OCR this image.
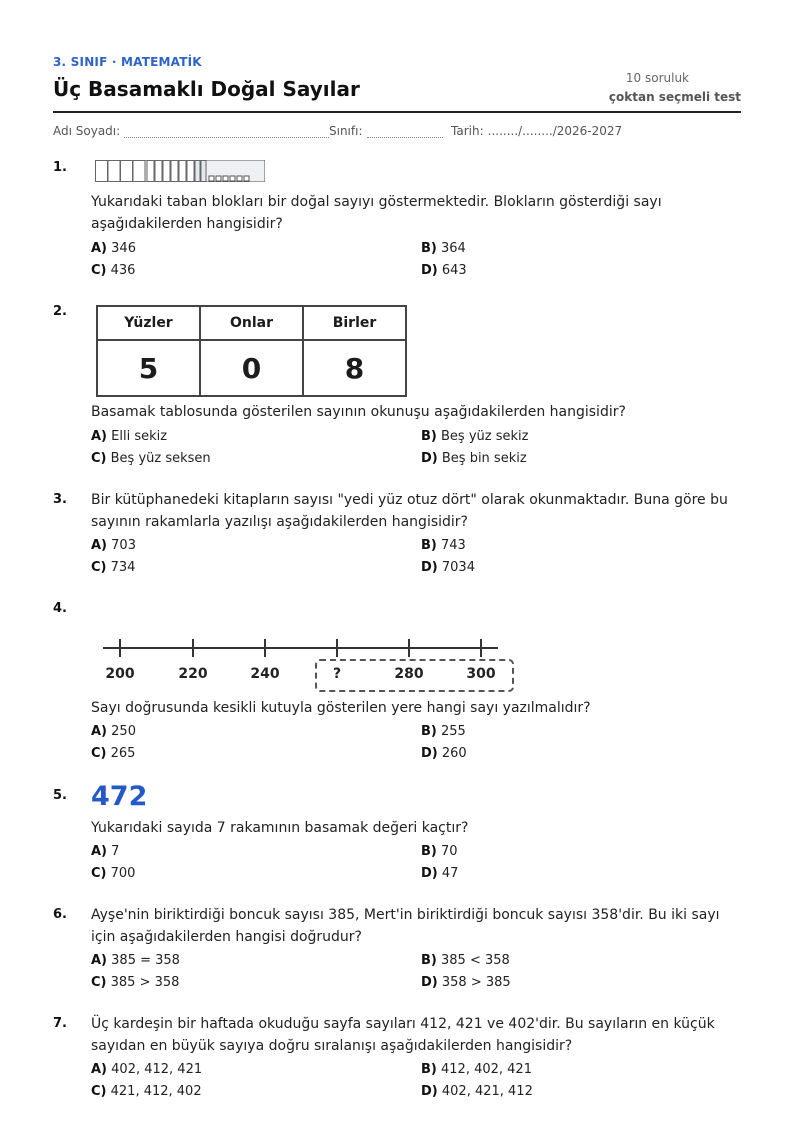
3. SINIF · MATEMATİK
Üç Basamaklı Doğal Sayılar	10 soruluk
çoktan seçmeli test
Adı Soyadı:	Sınıfı:	Tarih: ......../......../2026-2027
1.
Yukarıdaki taban blokları bir doğal sayıyı göstermektedir. Blokların gösterdiği sayı aşağıdakilerden hangisidir?
A) 346	B) 364
C) 436	D) 643
2.
Yüzler	Onlar	Birler
5	0	8
Basamak tablosunda gösterilen sayının okunuşu aşağıdakilerden hangisidir?
A) Elli sekiz	B) Beş yüz sekiz
C) Beş yüz seksen	D) Beş bin sekiz
3. Bir kütüphanedeki kitapların sayısı "yedi yüz otuz dört" olarak okunmaktadır. Buna göre bu sayının rakamlarla yazılışı aşağıdakilerden hangisidir?
A) 703	B) 743
C) 734	D) 7034
4.
200	220	240	?	280	300
Sayı doğrusunda kesikli kutuyla gösterilen yere hangi sayı yazılmalıdır?
A) 250	B) 255
C) 265	D) 260
5. 472
Yukarıdaki sayıda 7 rakamının basamak değeri kaçtır?
A) 7	B) 70
C) 700	D) 47
6. Ayşe'nin biriktirdiği boncuk sayısı 385, Mert'in biriktirdiği boncuk sayısı 358'dir. Bu iki sayı için aşağıdakilerden hangisi doğrudur?
A) 385 = 358	B) 385 < 358
C) 385 > 358	D) 358 > 385
7. Üç kardeşin bir haftada okuduğu sayfa sayıları 412, 421 ve 402'dir. Bu sayıların en küçük sayıdan en büyük sayıya doğru sıralanışı aşağıdakilerden hangisidir?
A) 402, 412, 421	B) 412, 402, 421
C) 421, 412, 402	D) 402, 421, 412
